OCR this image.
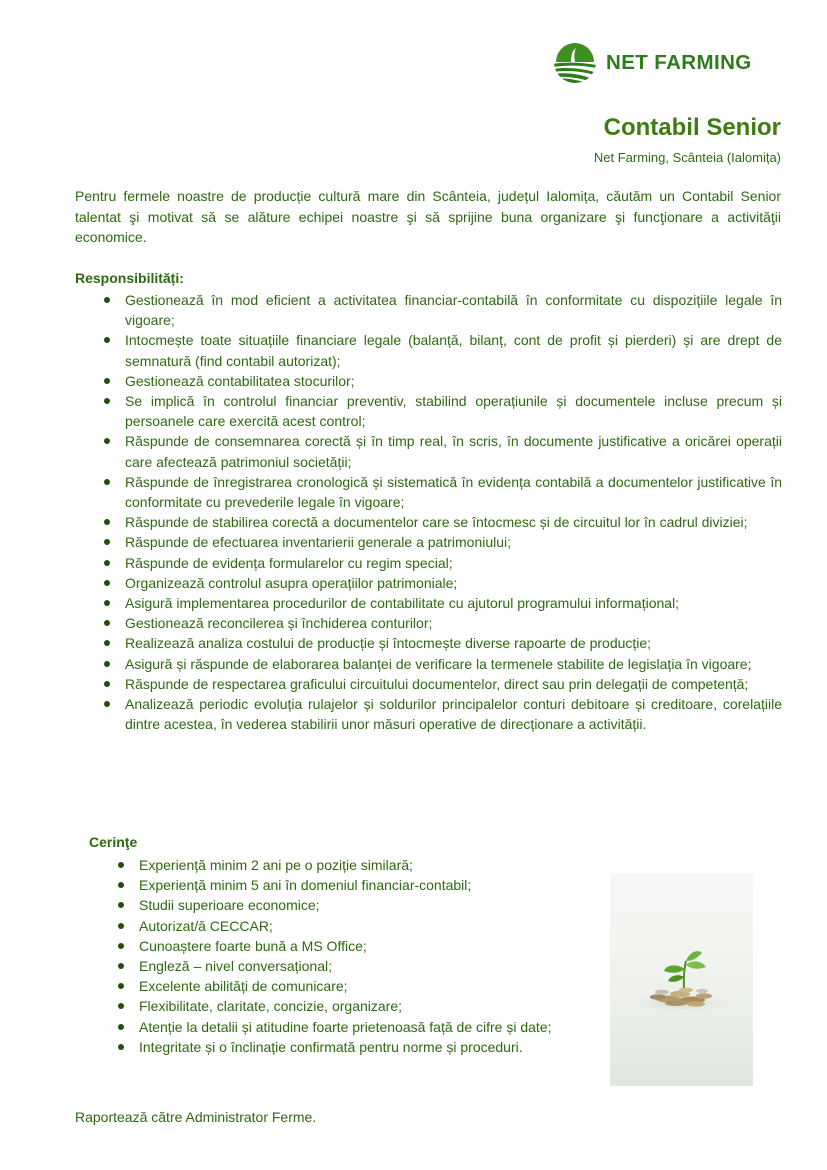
NET FARMING
Contabil Senior
Net Farming, Scânteia (Ialomița)

Pentru fermele noastre de producție cultură mare din Scânteia, județul Ialomița, căutăm un Contabil Senior talentat şi motivat să se alăture echipei noastre şi să sprijine buna organizare şi funcţionare a activităţii economice.

Responsibilități:
Gestionează în mod eficient a activitatea financiar-contabilă în conformitate cu dispozițiile legale în vigoare;
Intocmește toate situațiile financiare legale (balanță, bilanț, cont de profit și pierderi) și are drept de semnatură (find contabil autorizat);
Gestionează contabilitatea stocurilor;
Se implică în controlul financiar preventiv, stabilind operațiunile și documentele incluse precum și persoanele care exercită acest control;
Răspunde de consemnarea corectă și în timp real, în scris, în documente justificative a oricărei operații care afectează patrimoniul societății;
Răspunde de înregistrarea cronologică și sistematică în evidența contabilă a documentelor justificative în conformitate cu prevederile legale în vigoare;
Răspunde de stabilirea corectă a documentelor care se întocmesc și de circuitul lor în cadrul diviziei;
Răspunde de efectuarea inventarierii generale a patrimoniului;
Răspunde de evidența formularelor cu regim special;
Organizează controlul asupra operațiilor patrimoniale;
Asigură implementarea procedurilor de contabilitate cu ajutorul programului informațional;
Gestionează reconcilerea și închiderea conturilor;
Realizează analiza costului de producție și întocmește diverse rapoarte de producție;
Asigură și răspunde de elaborarea balanței de verificare la termenele stabilite de legislația în vigoare;
Răspunde de respectarea graficului circuitului documentelor, direct sau prin delegații de competență;
Analizează periodic evoluția rulajelor și soldurilor principalelor conturi debitoare și creditoare, corelațiile dintre acestea, în vederea stabilirii unor măsuri operative de direcționare a activității.
Cerinţe
Experiență minim 2 ani pe o poziție similară;
Experiență minim 5 ani în domeniul financiar-contabil;
Studii superioare economice;
Autorizat/ă CECCAR;
Cunoaștere foarte bună a MS Office;
Engleză – nivel conversațional;
Excelente abilități de comunicare;
Flexibilitate, claritate, concizie, organizare;
Atenție la detalii și atitudine foarte prietenoasă față de cifre și date;
Integritate și o înclinație confirmată pentru norme și proceduri.
Raportează către Administrator Ferme.
